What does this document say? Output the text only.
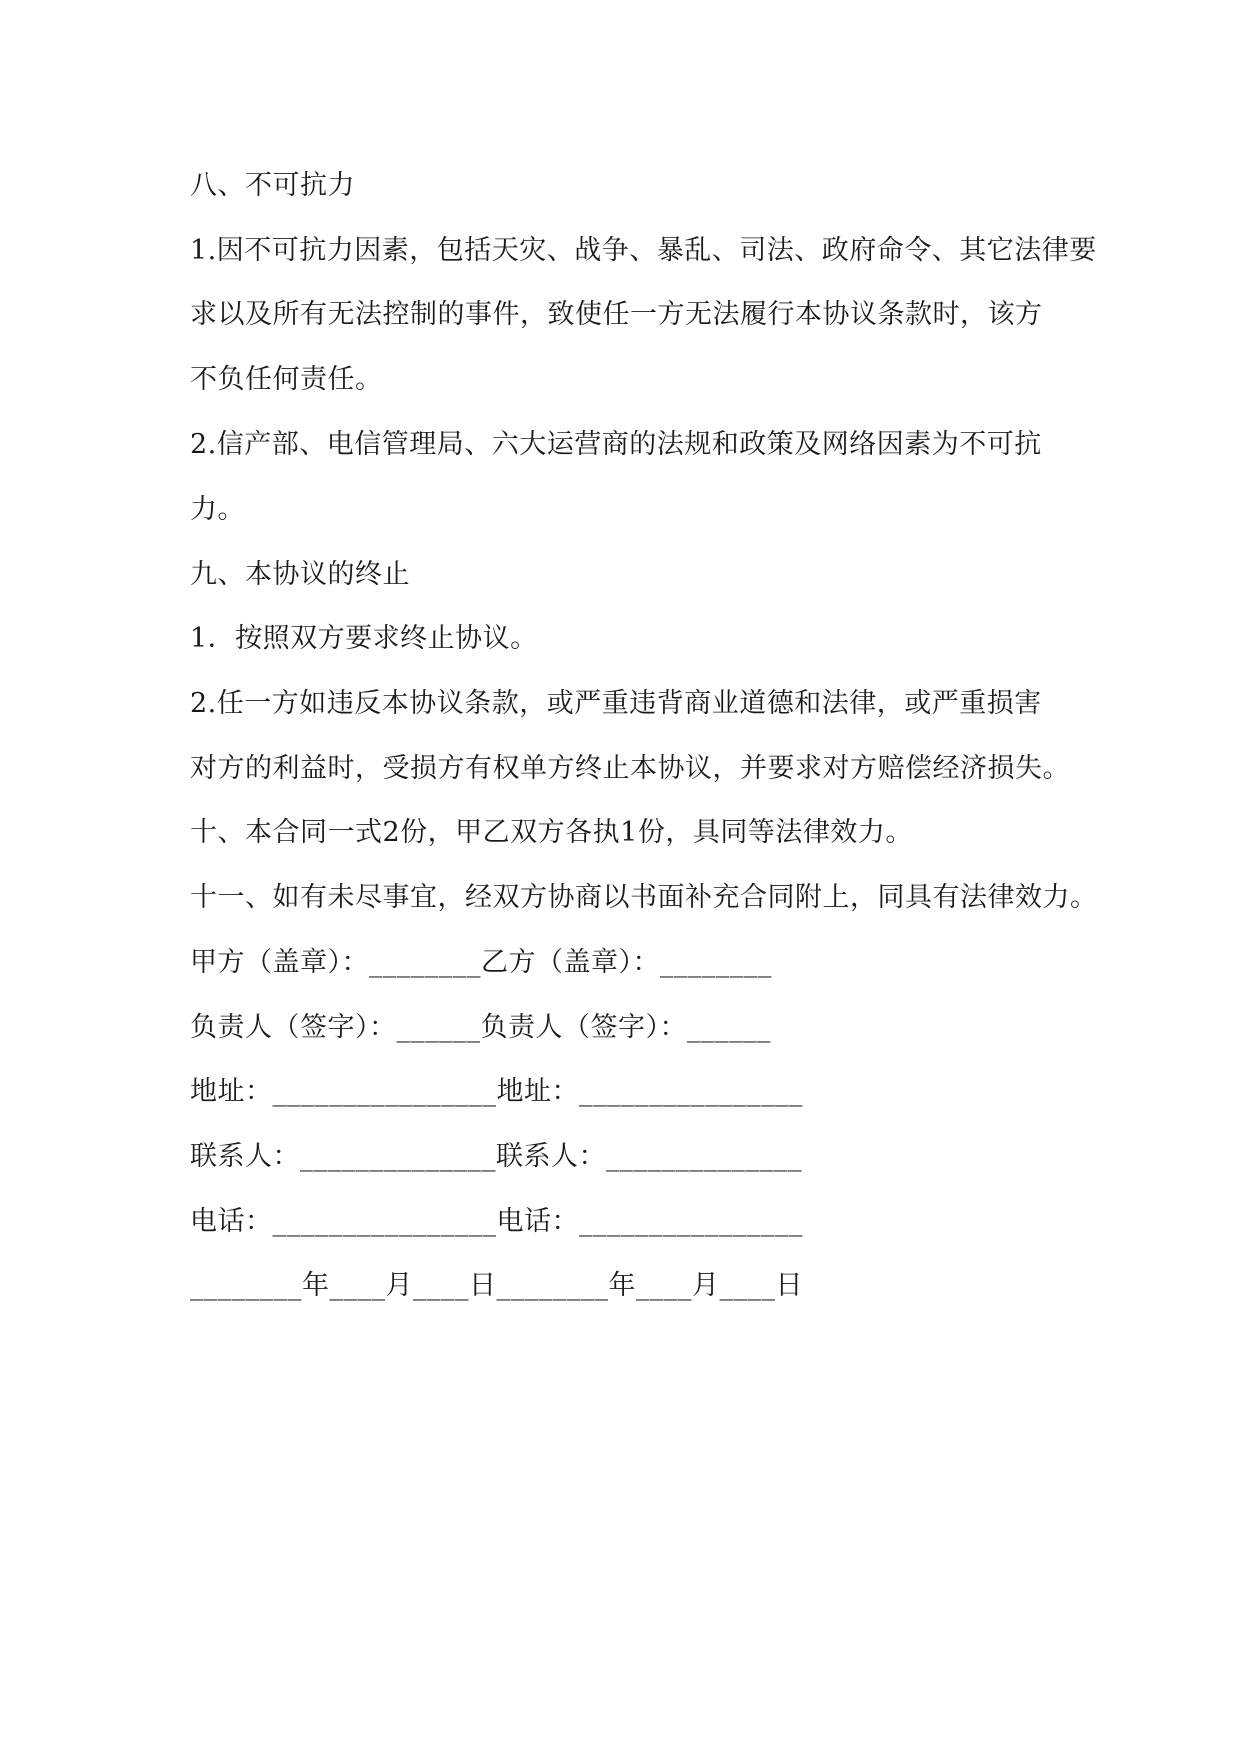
八、不可抗力
1.因不可抗力因素，包括天灾、战争、暴乱、司法、政府命令、其它法律要
求以及所有无法控制的事件，致使任一方无法履行本协议条款时，该方
不负任何责任。
2.信产部、电信管理局、六大运营商的法规和政策及网络因素为不可抗
力。
九、本协议的终止
1．按照双方要求终止协议。
2.任一方如违反本协议条款，或严重违背商业道德和法律，或严重损害
对方的利益时，受损方有权单方终止本协议，并要求对方赔偿经济损失。
十、本合同一式2份，甲乙双方各执1份，具同等法律效力。
十一、如有未尽事宜，经双方协商以书面补充合同附上，同具有法律效力。
甲方（盖章）：________乙方（盖章）：________
负责人（签字）：______负责人（签字）：______
地址：________________地址：________________
联系人：______________联系人：______________
电话：________________电话：________________
________年____月____日________年____月____日
